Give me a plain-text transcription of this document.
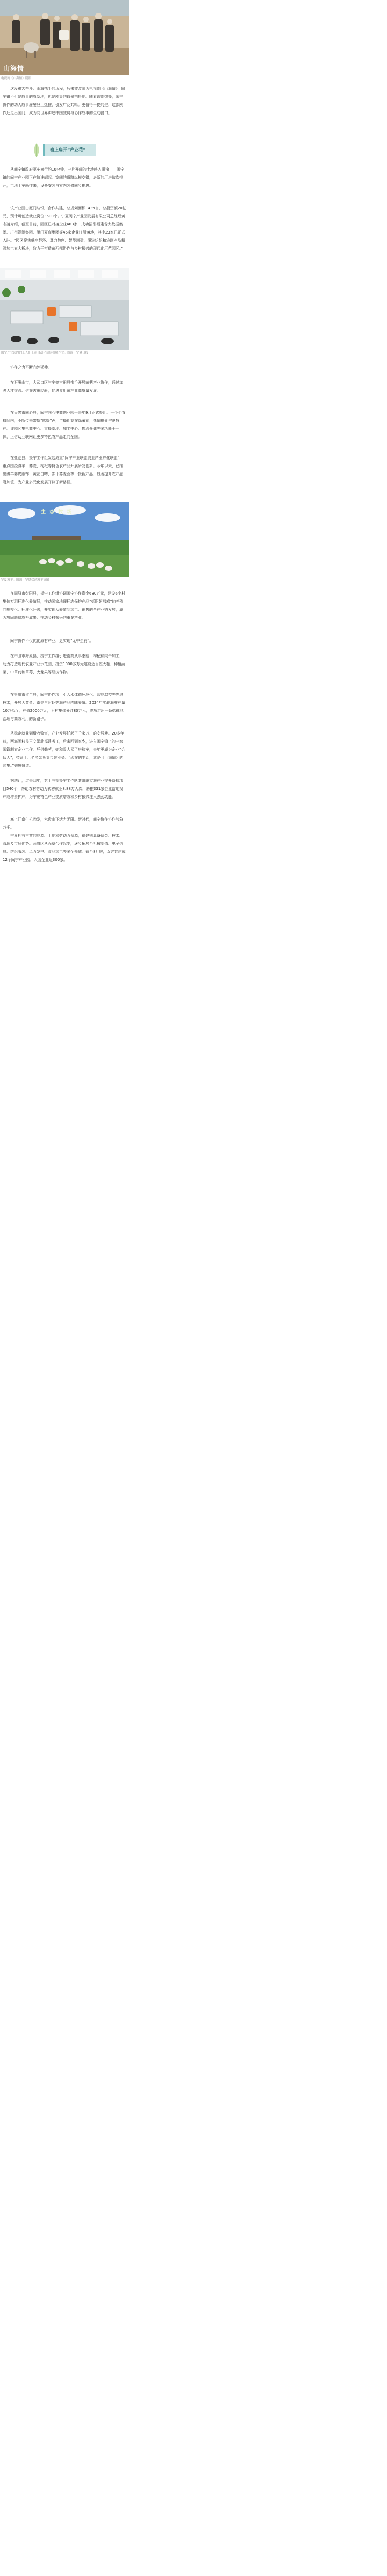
山海情
电视剧《山海情》剧照
这段艰苦奋斗、山海携手的历程，后来被改编为电视剧《山海情》，闽宁镇不但是故事的原型地，也是剧集的取景拍摄地。随着该剧热播，闽宁协作的动人故事屡屡登上热搜，引发广泛共鸣。更值得一提的是，这部剧作还走出国门，成为向世界讲述中国减贫与协作故事的生动窗口。
窑上扁开“产业花”
从闽宁镇政府驱车南行约10分钟，一片开阔的土地映入眼帘——闽宁镇的闽宁产业园正在快速崛起。宽阔的道路纵横交错，崭新的厂房依次排开，工地上车辆往来，设备安装与室内装修同步推进。
该产业园由厦门与银川合作共建，总规划面积1439亩，总投资额20亿元，预计可创造就业岗位3500个。宁夏闽宁产业园发展有限公司总经理黄志凌介绍，截至目前，园区已对接企业463家，成功招引福建省大数据集团、广州视源集团、厦门夏商集团等46家企业注册落地，其中23家已正式入驻。“园区聚焦低空经济、算力数创、智能制造、服装纺织和农副产品精深加工五大板块，致力于打造东西部协作与乡村振兴的现代化示范园区。”
闽宁产业园内的工人们正在自动化裁床机械作业。图源：宁夏日报
协作之力不断向外延伸。
在石嘴山市，大武口区与宁德古田县携手开展菌菇产业协作，通过加强人才交流、借鉴古田经验，促进食用菌产业高质量发展。
在吴忠市同心县，闽宁同心电商创业园于去年9月正式投用。一个个直播间内，不断传来带货“吆喝”声，主播们站在绿幕前，热情推介宁夏特产。该园区集电商中心、直播基地、加工中心、物流仓储等多功能于一体，正借助互联网让更多特色农产品走向全国。
在盐池县，援宁工作组发起成立“闽宁产业联盟农业产业孵化联盟”，重点围绕滩羊、荞麦、枸杞等特色农产品开展研发创新。今年以来，已推出滩羊婴皮服饰、黄花白啤、冻干荞麦面等一批新产品，显著提升农产品附加值，为产业多元化发展开辟了新路径。
生 态 牧 场
宁夏滩羊。图源：宁夏盐池滩羊集团
在固原市彭阳县，援宁工作组协调闽宁协作资金680万元，建设6个村集体万羽标准化养殖场，推动国家地理标志保护产品“彭阳朝那鸡”的养殖向规模化、标准化升级，并实现从养殖到加工、销售的全产业链发展，成为巩固脱贫攻坚成果、推动乡村振兴的重要产业。
闽宁协作不仅优化原有产业，更实现“无中生有”。
在中卫市海原县，援宁工作组引进南高从事茶菇、枸杞和肉牛加工，助力打造现代农业产业示范园，投资1000多万元建设近百座大棚，种植蔬菜、中草药和草莓、火龙果等经济作物。
在银川市贺兰县，闽宁协作项目引入水体循环净化、智能温控等先进技术，开展大黄鱼、南美白对虾等海产品内陆养殖。2024年实现海鲜产量10万公斤，产值2000万元，为村集体分红80万元，成功走出一条盐碱地治理与高效利用的新路子。
从稳定就业到增收致富，产业发展托起了千家万户的安居梦。20多年前，西海固移民王文娟赴福建务工，后来回到家乡，进入闽宁镇上的一家闽籍制衣企业工作。凭借勤劳，她和爱人买了房和车，去年更成为企业“合伙人”，带领十几名乡亲负责包装业务。“现在的生活，就是《山海情》的续集。”她感慨道。
据统计，过去四年，第十三批援宁工作队共组织实施产业提升帮扶项目540个，帮助农村劳动力转移就业8.88万人次，助推331家企业落地投产或增资扩产，为宁夏特色产业提质增效和乡村振兴注入强劲动能。
塞上江南生机勃发，六盘山下活力无限。新时代，闽宁协作协作气象万千。
宁夏拥有丰富的能源、土地和劳动力资源，福建则具备资金、技术、管理及市场优势。两省区从面草合作起步，逐步拓展至机械制造、电子信息、纺织服装、风力发电、食品加工等多个领域。截至8月底，双方共建成12个闽宁产业园，入园企业近300家。
